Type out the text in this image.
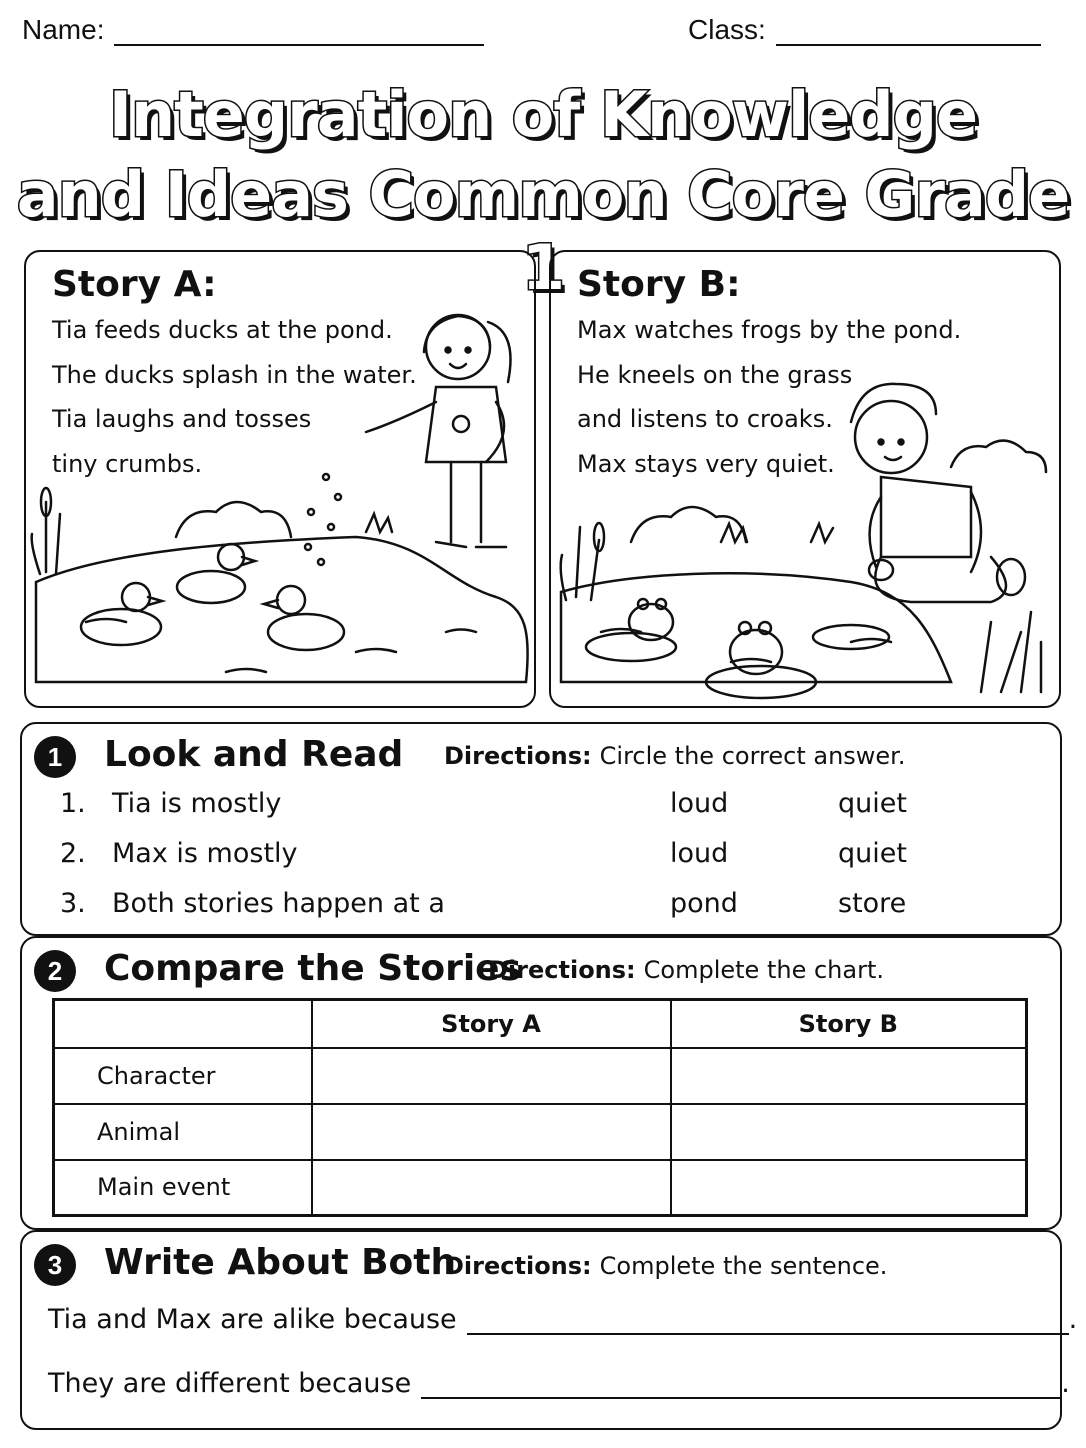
Name:	Class:
Integration of Knowledge
and Ideas Common Core Grade 1
Story A:
Tia feeds ducks at the pond.
The ducks splash in the water.
Tia laughs and tosses
tiny crumbs.
Story B:
Max watches frogs by the pond.
He kneels on the grass
and listens to croaks.
Max stays very quiet.
1	Look and Read Directions: Circle the correct answer.
1. Tia is mostly	loud	quiet
2. Max is mostly	loud	quiet
3. Both stories happen at a	pond	store
2	Compare the Stories
Directions: Complete the chart.
	Story A	Story B
Character		
Animal		
Main event		
3	Write About Both
Directions: Complete the sentence.
Tia and Max are alike because	.
They are different because	.
